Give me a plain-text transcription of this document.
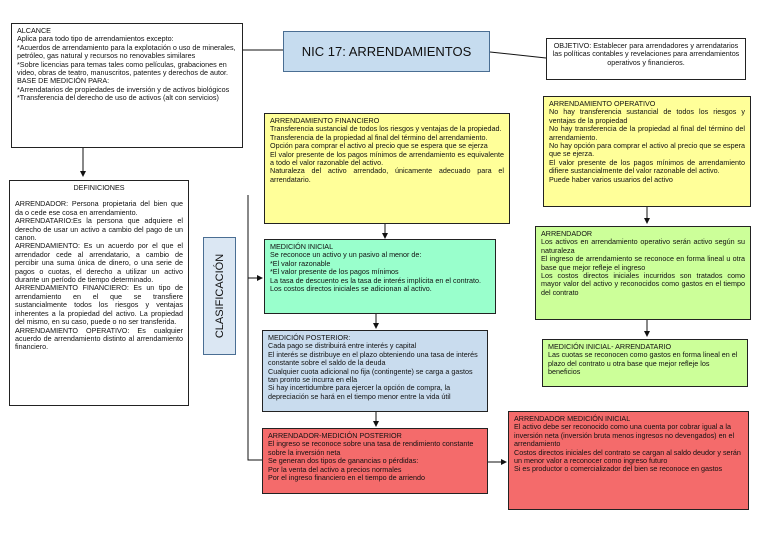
ALCANCE

Aplica para todo tipo de arrendamientos excepto:

*Acuerdos de arrendamiento para la explotación o uso de minerales, petróleo, gas natural y recursos no renovables similares

*Sobre licencias para temas tales como películas, grabaciones en video, obras de teatro, manuscritos, patentes y derechos de autor.

BASE DE MEDICIÓN PARA:

*Arrendatarios de propiedades de inversión y de activos biológicos

*Transferencia del derecho de uso de activos (alt con servicios)

NIC 17: ARRENDAMIENTOS	OBJETIVO: Establecer para arrendadores y arrendatarios las políticas contables y revelaciones para arrendamientos operativos y financieros.

DEFINICIONES

ARRENDADOR: Persona propietaria del bien que da o cede ese cosa en arrendamiento.

ARRENDATARIO:Es la persona que adquiere el derecho de usar un activo a cambio del pago de un canon.

ARRENDAMIENTO: Es un acuerdo por el que el arrendador cede al arrendatario, a cambio de percibir una suma única de dinero, o una serie de pagos o cuotas, el derecho a utilizar un activo durante un período de tiempo determinado.

ARRENDAMIENTO FINANCIERO: Es un tipo de arrendamiento en el que se transfiere sustancialmente todos los riesgos y ventajas inherentes a la propiedad del activo. La propiedad del mismo, en su caso, puede o no ser transferida.

ARRENDAMIENTO OPERATIVO: Es cualquier acuerdo de arrendamiento distinto al arrendamiento financiero.

CLASIFICACIÓN

ARRENDAMIENTO FINANCIERO

Transferencia sustancial de todos los riesgos y ventajas de la propiedad.

Transferencia de la propiedad al final del término del arrendamiento.

Opción para comprar el activo al precio que se espera que se ejerza

El valor presente de los pagos mínimos de arrendamiento es equivalente a todo el valor razonable del activo.

Naturaleza del activo arrendado, únicamente adecuado para el arrendatario.

ARRENDAMIENTO OPERATIVO

No hay transferencia sustancial de todos los riesgos y ventajas de la propiedad

No hay transferencia de la propiedad al final del término del arrendamiento.

No hay opción para comprar el activo al precio que se espera que se ejerza.

El valor presente de los pagos mínimos de arrendamiento difiere sustancialmente del valor razonable del activo.

Puede haber varios usuarios del activo

MEDICIÓN INICIAL

Se reconoce un activo y un pasivo al menor de:

*El valor razonable

*El valor presente de los pagos mínimos

La tasa de descuento es la tasa de interés implícita en el contrato.

Los costos directos iniciales se adicionan al activo.

MEDICIÓN POSTERIOR:

Cada pago se distribuirá entre interés y capital

El interés se distribuye en el plazo obteniendo una tasa de interés constante sobre el saldo de la deuda

Cualquier cuota adicional no fija (contingente) se carga a gastos tan pronto se incurra en ella

Si hay incertidumbre para ejercer la opción de compra, la depreciación se hará en el tiempo menor entre la vida útil

ARRENDADOR-MEDICIÓN POSTERIOR

El ingreso se reconoce sobre una tasa de rendimiento constante sobre la inversión neta

Se generan dos tipos de ganancias o pérdidas:

Por la venta del activo a precios normales

Por el ingreso financiero en el tiempo de arriendo

ARRENDADOR

Los activos en arrendamiento operativo serán activo según su naturaleza

El ingreso de arrendamiento se reconoce en forma lineal u otra base que mejor refleje el ingreso

Los costos directos iniciales incurridos son tratados como mayor valor del activo y reconocidos como gastos en el tiempo del contrato

MEDICIÓN INICIAL- ARRENDATARIO

Las cuotas se reconocen como gastos en forma lineal en el plazo del contrato u otra base que mejor refleje los beneficios

ARRENDADOR MEDICIÓN INICIAL

El activo debe ser reconocido como una cuenta por cobrar igual a la inversión neta (inversión bruta menos ingresos no devengados) en el arrendamiento

Costos directos iniciales del contrato se cargan al saldo deudor y serán un menor valor a reconocer como ingreso futuro

Si es productor o comercializador del bien se reconoce en gastos
